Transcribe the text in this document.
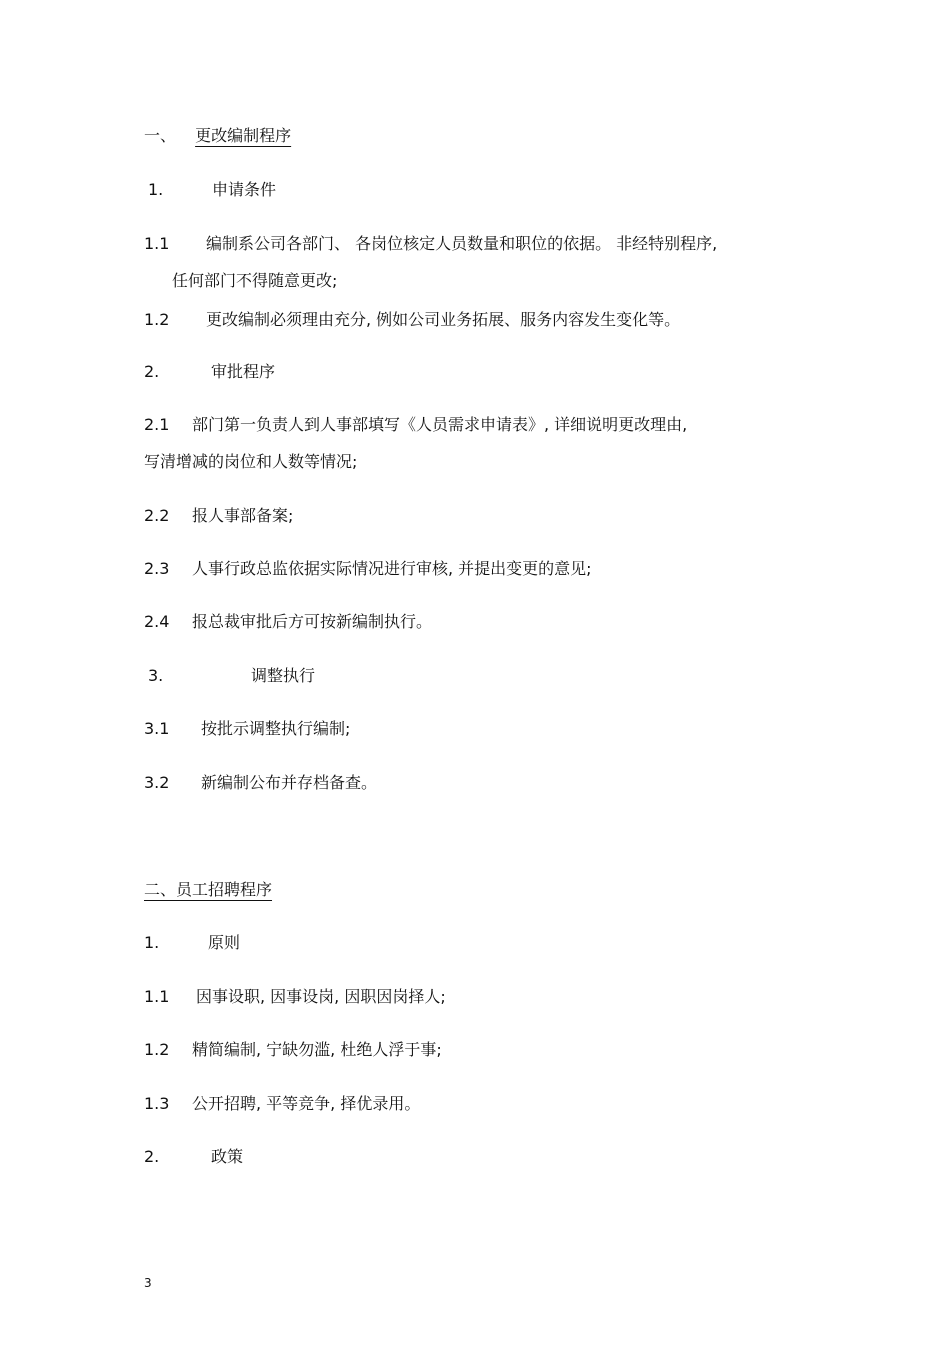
一、 更改编制程序
1.	申请条件
1.1 编制系公司各部门、 各岗位核定人员数量和职位的依据。 非经特别程序,
任何部门不得随意更改;
1.2 更改编制必须理由充分, 例如公司业务拓展、服务内容发生变化等。
2.	审批程序
2.1 部门第一负责人到人事部填写《人员需求申请表》, 详细说明更改理由,
写清增减的岗位和人数等情况;
2.2 报人事部备案;
2.3 人事行政总监依据实际情况进行审核, 并提出变更的意见;
2.4 报总裁审批后方可按新编制执行。
3.	调整执行
3.1 按批示调整执行编制;
3.2 新编制公布并存档备查。
二、员工招聘程序
1.	原则
1.1 因事设职, 因事设岗, 因职因岗择人;
1.2 精简编制, 宁缺勿滥, 杜绝人浮于事;
1.3 公开招聘, 平等竞争, 择优录用。
2.	政策
3
